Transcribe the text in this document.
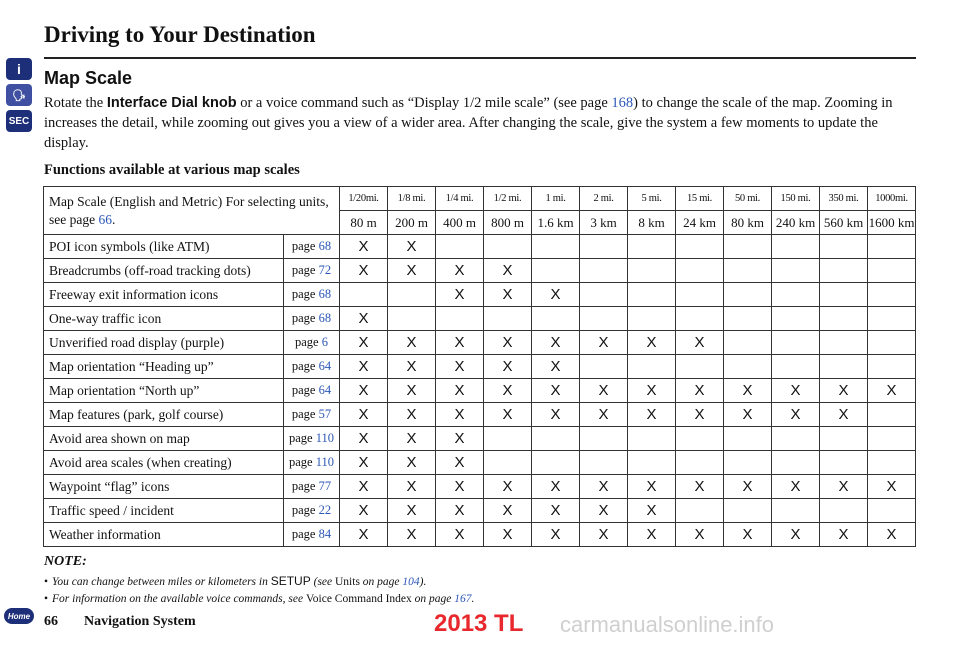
Driving to Your Destination
i
🗣
SEC
Map Scale

Rotate the Interface Dial knob or a voice command such as “Display 1/2 mile scale” (see page 168) to change the scale of the map. Zooming in increases the detail, while zooming out gives you a view of a wider area. After changing the scale, give the system a few moments to update the display.

Functions available at various map scales
Map Scale (English and Metric) For selecting units, see page 66.		1/20mi.	1/8 mi.	1/4 mi.	1/2 mi.	1 mi.	2 mi.	5 mi.	15 mi.	50 mi.	150 mi.	350 mi.	1000mi.
		80 m	200 m	400 m	800 m	1.6 km	3 km	8 km	24 km	80 km	240 km	560 km	1600 km
POI icon symbols (like ATM)	page 68	X	X										
Breadcrumbs (off-road tracking dots)	page 72	X	X	X	X								
Freeway exit information icons	page 68			X	X	X							
One-way traffic icon	page 68	X											
Unverified road display (purple)	page 6	X	X	X	X	X	X	X	X				
Map orientation “Heading up”	page 64	X	X	X	X	X							
Map orientation “North up”	page 64	X	X	X	X	X	X	X	X	X	X	X	X
Map features (park, golf course)	page 57	X	X	X	X	X	X	X	X	X	X	X	
Avoid area shown on map	page 110	X	X	X									
Avoid area scales (when creating)	page 110	X	X	X									
Waypoint “flag” icons	page 77	X	X	X	X	X	X	X	X	X	X	X	X
Traffic speed / incident	page 22	X	X	X	X	X	X	X					
Weather information	page 84	X	X	X	X	X	X	X	X	X	X	X	X
NOTE:
• You can change between miles or kilometers in SETUP (see Units on page 104).
• For information on the available voice commands, see Voice Command Index on page 167.
Home 66 Navigation System	2013 TL carmanualsonline.info
